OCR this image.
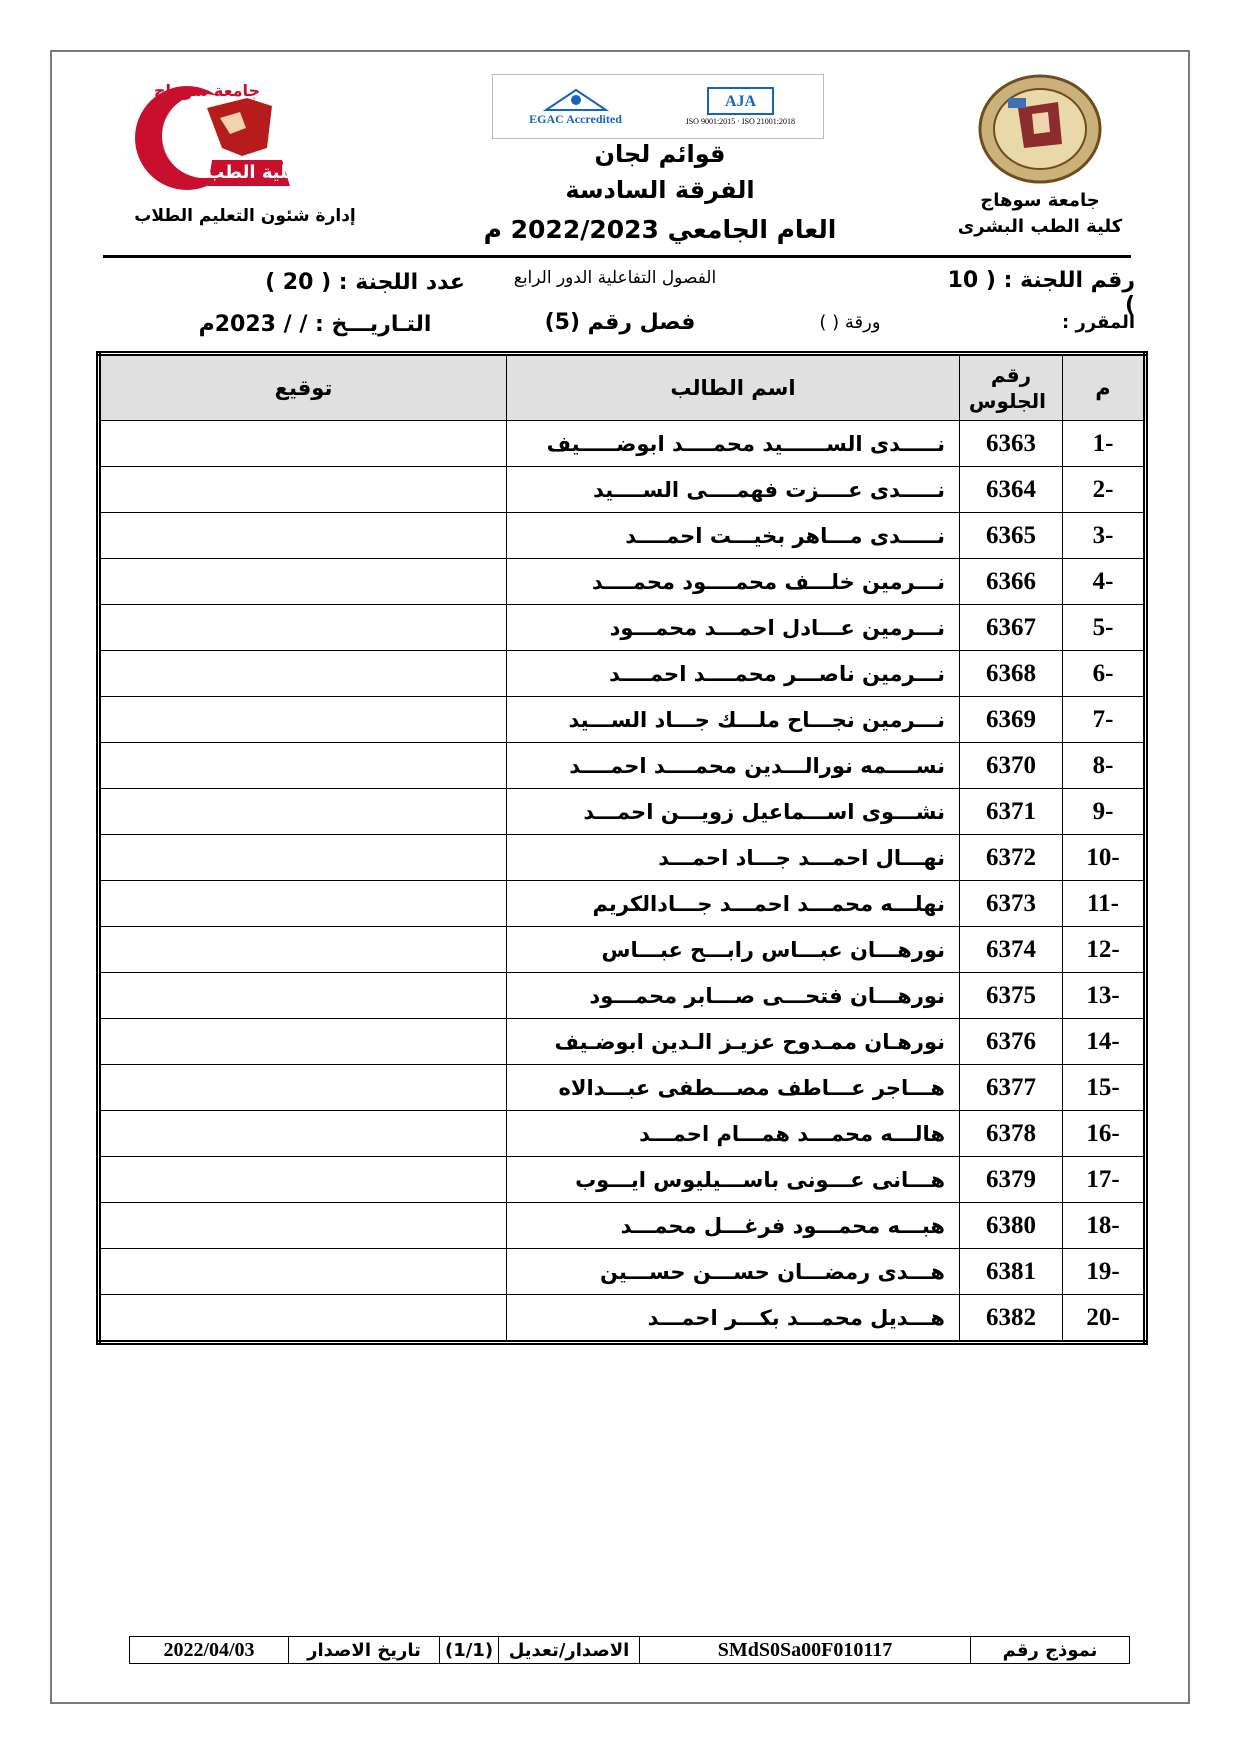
كلية الطب
جامعة سوهاج
إدارة شئون التعليم الطلاب
EGAC Accredited
AJA
ISO 9001:2015 · ISO 21001:2018
قوائم لجان
الفرقة السادسة
العام الجامعي 2022/2023 م
جامعة سوهاج
كلية الطب البشرى
رقم اللجنة : ( 10 )
الفصول التفاعلية الدور الرابع
عدد اللجنة : ( 20 )
المقرر :
ورقة ( )
فصل رقم (5)
التـاريـــخ : / / 2023م
م	رقم الجلوس	اسم الطالب	توقيع
-1	6363	نـــــدى الســــــيد محمــــد ابوضـــــيف	
-2	6364	نـــــدى عــــزت فهمــــى الســــيد	
-3	6365	نـــــدى مـــاهر بخيـــت احمــــد	
-4	6366	نـــرمين خلـــف محمــــود محمــــد	
-5	6367	نـــرمين عـــادل احمـــد محمـــود	
-6	6368	نـــرمين ناصـــر محمــــد احمــــد	
-7	6369	نـــرمين نجـــاح ملـــك جـــاد الســـيد	
-8	6370	نســــمه نورالـــدين محمــــد احمــــد	
-9	6371	نشـــوى اســـماعيل زويـــن احمـــد	
-10	6372	نهـــال احمـــد جـــاد احمـــد	
-11	6373	نهلـــه محمـــد احمـــد جـــادالكريم	
-12	6374	نورهـــان عبـــاس رابـــح عبـــاس	
-13	6375	نورهـــان فتحـــى صـــابر محمـــود	
-14	6376	نورهـان ممـدوح عزيـز الـدين ابوضـيف	
-15	6377	هـــاجر عـــاطف مصـــطفى عبـــدالاه	
-16	6378	هالـــه محمـــد همـــام احمـــد	
-17	6379	هـــانى عـــونى باســـيليوس ايـــوب	
-18	6380	هبـــه محمـــود فرغـــل محمـــد	
-19	6381	هـــدى رمضـــان حســـن حســـين	
-20	6382	هـــديل محمـــد بكـــر احمـــد	
نموذج رقم
SMdS0Sa00F010117
الاصدار/تعديل
(1/1)
تاريخ الاصدار
2022/04/03
